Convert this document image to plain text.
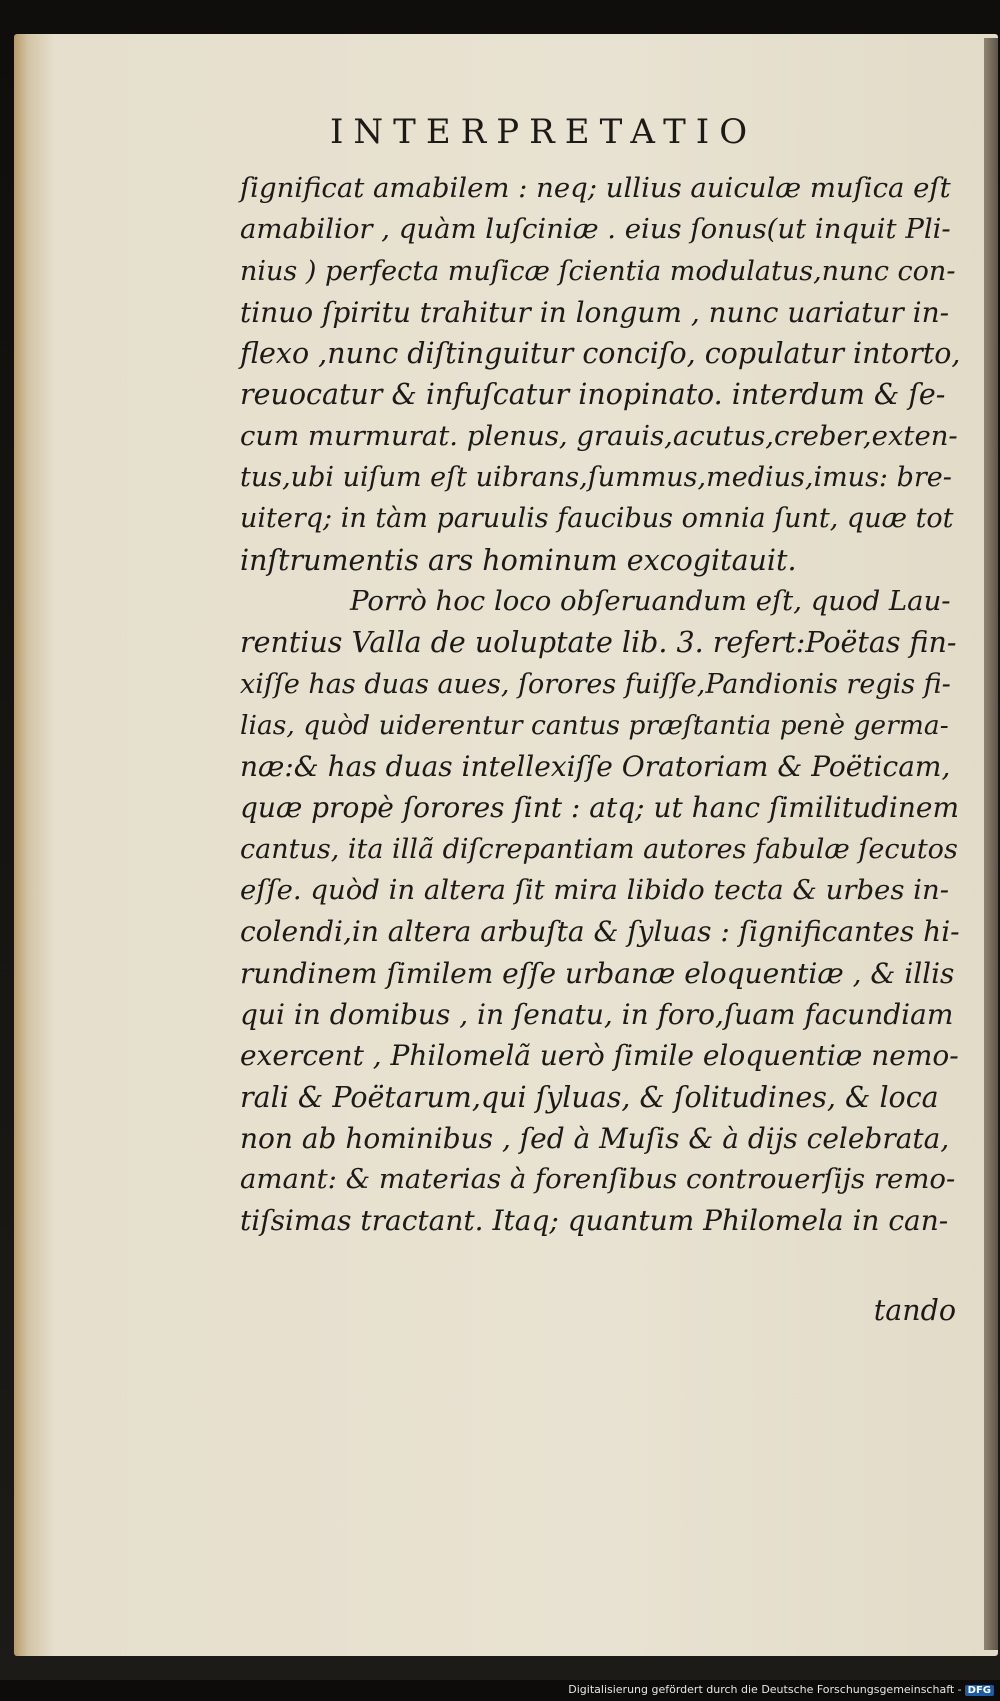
INTERPRETATIO
ſignificat amabilem : neq; ullius auiculæ muſica eſt
amabilior , quàm luſciniæ . eius ſonus(ut inquit Pli-
nius ) perfecta muſicæ ſcientia modulatus,nunc con-
tinuo ſpiritu trahitur in longum , nunc uariatur in-
flexo ,nunc diſtinguitur conciſo, copulatur intorto,
reuocatur & infuſcatur inopinato. interdum & ſe-
cum murmurat. plenus, grauis,acutus,creber,exten-
tus,ubi uiſum eſt uibrans,ſummus,medius,imus: bre-
uiterq; in tàm paruulis faucibus omnia ſunt, quæ tot
inſtrumentis ars hominum excogitauit.
Porrò hoc loco obſeruandum eſt, quod Lau-
rentius Valla de uoluptate lib. 3. refert:Poëtas fin-
xiſſe has duas aues, ſorores fuiſſe,Pandionis regis fi-
lias, quòd uiderentur cantus præſtantia penè germa-
næ:& has duas intellexiſſe Oratoriam & Poëticam,
quæ propè ſorores ſint : atq; ut hanc ſimilitudinem
cantus, ita illã diſcrepantiam autores fabulæ ſecutos
eſſe. quòd in altera ſit mira libido tecta & urbes in-
colendi,in altera arbuſta & ſyluas : ſignificantes hi-
rundinem ſimilem eſſe urbanæ eloquentiæ , & illis
qui in domibus , in ſenatu, in foro,ſuam facundiam
exercent , Philomelã uerò ſimile eloquentiæ nemo-
rali & Poëtarum,qui ſyluas, & ſolitudines, & loca
non ab hominibus , ſed à Muſis & à dijs celebrata,
amant: & materias à forenſibus controuerſijs remo-
tiſsimas tractant. Itaq; quantum Philomela in can-
tando
Digitalisierung gefördert durch die Deutsche Forschungsgemeinschaft - DFG
